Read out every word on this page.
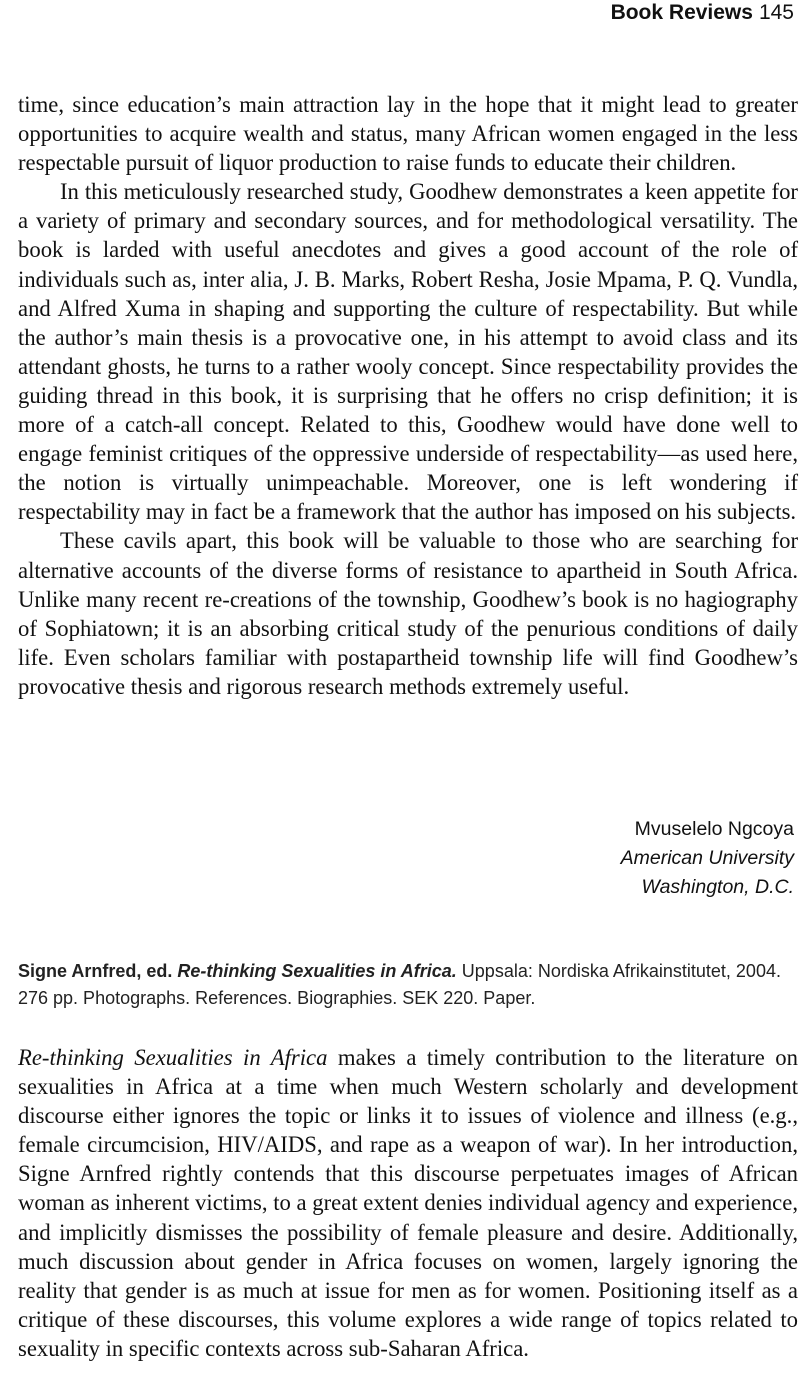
Book Reviews 145

time, since education’s main attraction lay in the hope that it might lead to greater opportunities to acquire wealth and status, many African women engaged in the less respectable pursuit of liquor production to raise funds to educate their children.

In this meticulously researched study, Goodhew demonstrates a keen appetite for a variety of primary and secondary sources, and for methodological versatility. The book is larded with useful anecdotes and gives a good account of the role of individuals such as, inter alia, J. B. Marks, Robert Resha, Josie Mpama, P. Q. Vundla, and Alfred Xuma in shaping and supporting the culture of respectability. But while the author’s main thesis is a provocative one, in his attempt to avoid class and its attendant ghosts, he turns to a rather wooly concept. Since respectability provides the guiding thread in this book, it is surprising that he offers no crisp definition; it is more of a catch-all concept. Related to this, Goodhew would have done well to engage feminist critiques of the oppressive underside of respectability—as used here, the notion is virtually unimpeachable. Moreover, one is left wondering if respectability may in fact be a framework that the author has imposed on his subjects.

These cavils apart, this book will be valuable to those who are searching for alternative accounts of the diverse forms of resistance to apartheid in South Africa. Unlike many recent re-creations of the township, Goodhew’s book is no hagiography of Sophiatown; it is an absorbing critical study of the penurious conditions of daily life. Even scholars familiar with postapartheid township life will find Goodhew’s provocative thesis and rigorous research methods extremely useful.

Mvuselelo Ngcoya
American University
Washington, D.C.
Signe Arnfred, ed. Re-thinking Sexualities in Africa. Uppsala: Nordiska Afrikainstitutet, 2004. 276 pp. Photographs. References. Biographies. SEK 220. Paper.

Re-thinking Sexualities in Africa makes a timely contribution to the literature on sexualities in Africa at a time when much Western scholarly and development discourse either ignores the topic or links it to issues of violence and illness (e.g., female circumcision, HIV/AIDS, and rape as a weapon of war). In her introduction, Signe Arnfred rightly contends that this discourse perpetuates images of African woman as inherent victims, to a great extent denies individual agency and experience, and implicitly dismisses the possibility of female pleasure and desire. Additionally, much discussion about gender in Africa focuses on women, largely ignoring the reality that gender is as much at issue for men as for women. Positioning itself as a critique of these discourses, this volume explores a wide range of topics related to sexuality in specific contexts across sub-Saharan Africa.
